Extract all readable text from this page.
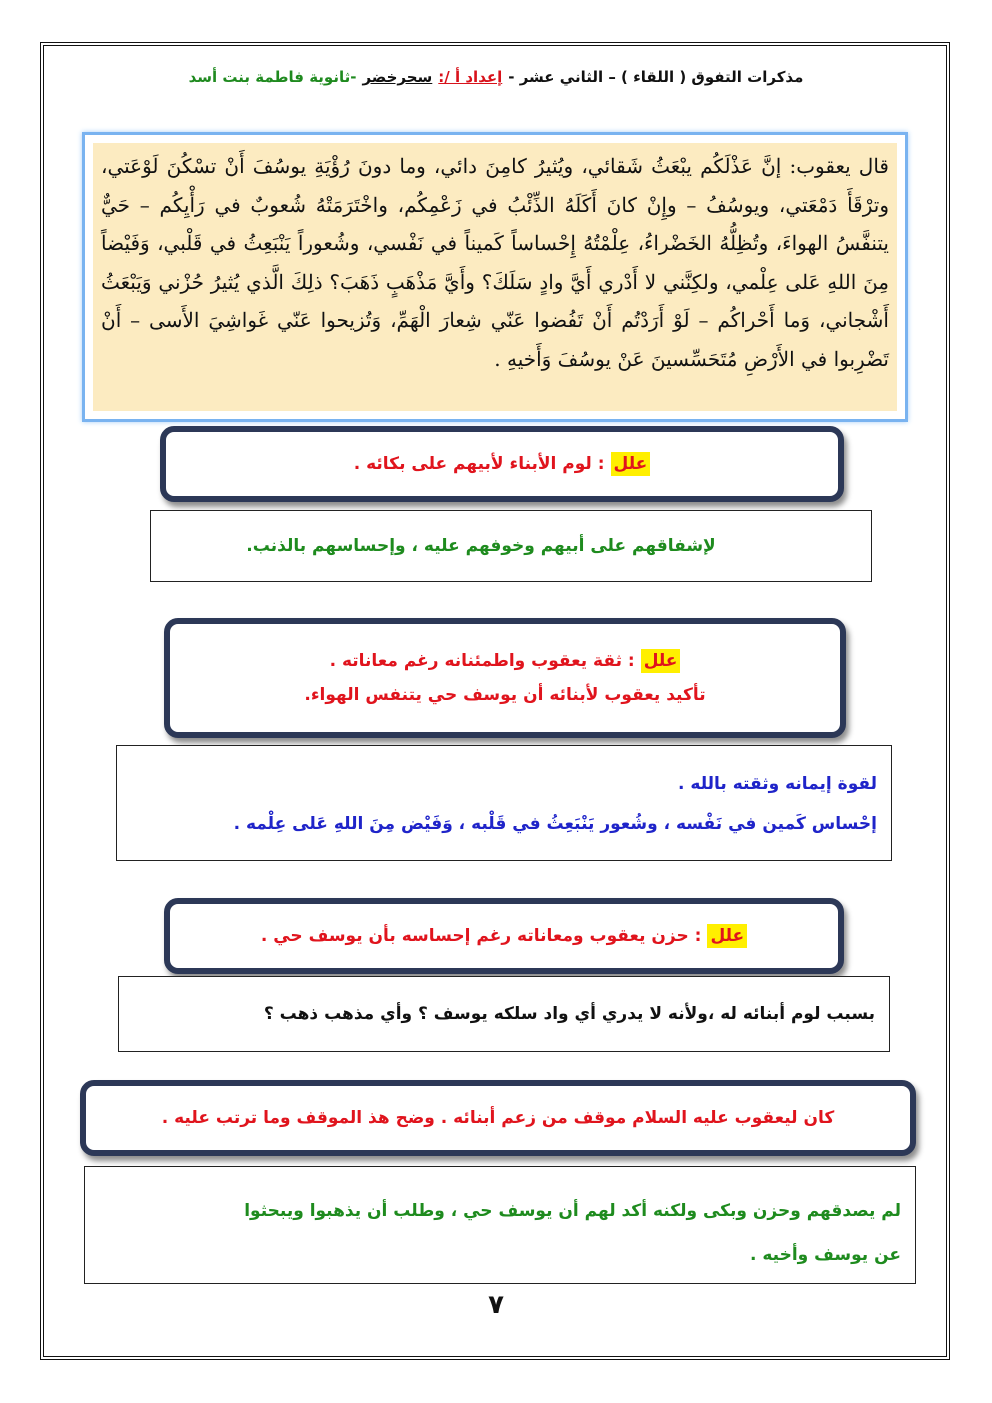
مذكرات التفوق ( اللقاء ) – الثاني عشر -
إعداد أ /:
سحرخضر
-ثانوية فاطمة بنت أسد
قال يعقوب: إنَّ عَذْلَكُم يبْعَثُ شَقائي، ويُثيرُ كامِنَ دائي، وما دونَ رُؤْيَةِ يوسُفَ أَنْ تسْكُنَ لَوْعَتي، وترْقَأَ دَمْعَتي، ويوسُفُ – وإِنْ كانَ أَكَلَهُ الذِّئْبُ في زَعْمِكُم، واخْتَرَمَتْهُ شُعوبٌ في رَأْيِكُم – حَيٌّ يتنفَّسُ الهواءَ، وتُظِلُّهُ الخَضْراءُ، عِلْمْتُهُ إِحْساساً كَميناً في نَفْسي، وشُعوراً يَنْبَعِثُ في قَلْبي، وَفَيْضاً مِنَ اللهِ عَلى عِلْمي، ولكِنَّني لا أَدْري أَيَّ وادٍ سَلَكَ؟ وأَيَّ مَذْهَبٍ ذَهَبَ؟ ذلِكَ الَّذي يُثيرُ حُزْني وَيَبْعَثُ أَشْجاني، وَما أَحْراكُم – لَوْ أَرَدْتُم أَنْ تَفُضوا عَنّي شِعارَ الْهَمِّ، وَتُزيحوا عَنّي غَواشِيَ الأَسى – أَنْ تَضْرِبوا في الأَرْضِ مُتَحَسِّسينَ عَنْ يوسُفَ وَأَخيهِ .
علل: لوم الأبناء لأبيهم على بكائه .
لإشفاقهم على أبيهم وخوفهم عليه ، وإحساسهم بالذنب.
علل: ثقة يعقوب واطمئنانه رغم معاناته .
تأكيد يعقوب لأبنائه أن يوسف حي يتنفس الهواء.
لقوة إيمانه وثقته بالله .
إحْساس كَمين في نَفْسه ، وشُعور يَنْبَعِثُ في قَلْبه ، وَفَيْض مِنَ اللهِ عَلى عِلْمه .
علل: حزن يعقوب ومعاناته رغم إحساسه بأن يوسف حي .
بسبب لوم أبنائه له ،ولأنه لا يدري أي واد سلكه يوسف ؟ وأي مذهب ذهب ؟
كان ليعقوب عليه السلام موقف من زعم أبنائه . وضح هذ الموقف وما ترتب عليه .
لم يصدقهم وحزن وبكى ولكنه أكد لهم أن يوسف حي ، وطلب أن يذهبوا ويبحثوا
عن يوسف وأخيه .
٧
